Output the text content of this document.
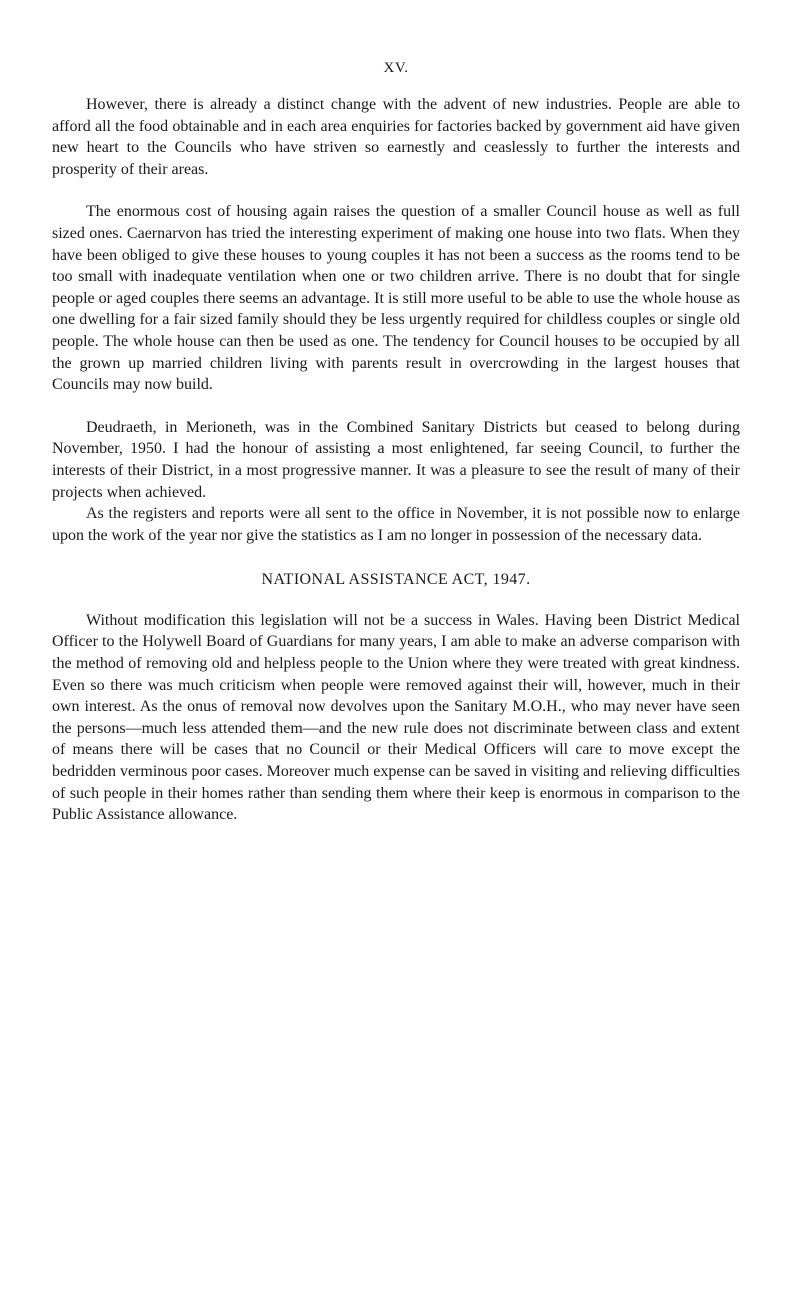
XV.

However, there is already a distinct change with the advent of new industries. People are able to afford all the food obtainable and in each area enquiries for factories backed by government aid have given new heart to the Councils who have striven so earnestly and ceaslessly to further the interests and prosperity of their areas.

The enormous cost of housing again raises the question of a smaller Council house as well as full sized ones. Caernarvon has tried the interesting experiment of making one house into two flats. When they have been obliged to give these houses to young couples it has not been a success as the rooms tend to be too small with inadequate ventilation when one or two children arrive. There is no doubt that for single people or aged couples there seems an advantage. It is still more useful to be able to use the whole house as one dwelling for a fair sized family should they be less urgently required for childless couples or single old people. The whole house can then be used as one. The tendency for Council houses to be occupied by all the grown up married children living with parents result in overcrowding in the largest houses that Councils may now build.

Deudraeth, in Merioneth, was in the Combined Sanitary Districts but ceased to belong during November, 1950. I had the honour of assisting a most enlightened, far seeing Council, to further the interests of their District, in a most progressive manner. It was a pleasure to see the result of many of their projects when achieved.

As the registers and reports were all sent to the office in November, it is not possible now to enlarge upon the work of the year nor give the statistics as I am no longer in possession of the necessary data.

NATIONAL ASSISTANCE ACT, 1947.

Without modification this legislation will not be a success in Wales. Having been District Medical Officer to the Holywell Board of Guardians for many years, I am able to make an adverse comparison with the method of removing old and helpless people to the Union where they were treated with great kindness. Even so there was much criticism when people were removed against their will, however, much in their own interest. As the onus of removal now devolves upon the Sanitary M.O.H., who may never have seen the persons—much less attended them—and the new rule does not discriminate between class and extent of means there will be cases that no Council or their Medical Officers will care to move except the bedridden verminous poor cases. Moreover much expense can be saved in visiting and relieving difficulties of such people in their homes rather than sending them where their keep is enormous in comparison to the Public Assistance allowance.
